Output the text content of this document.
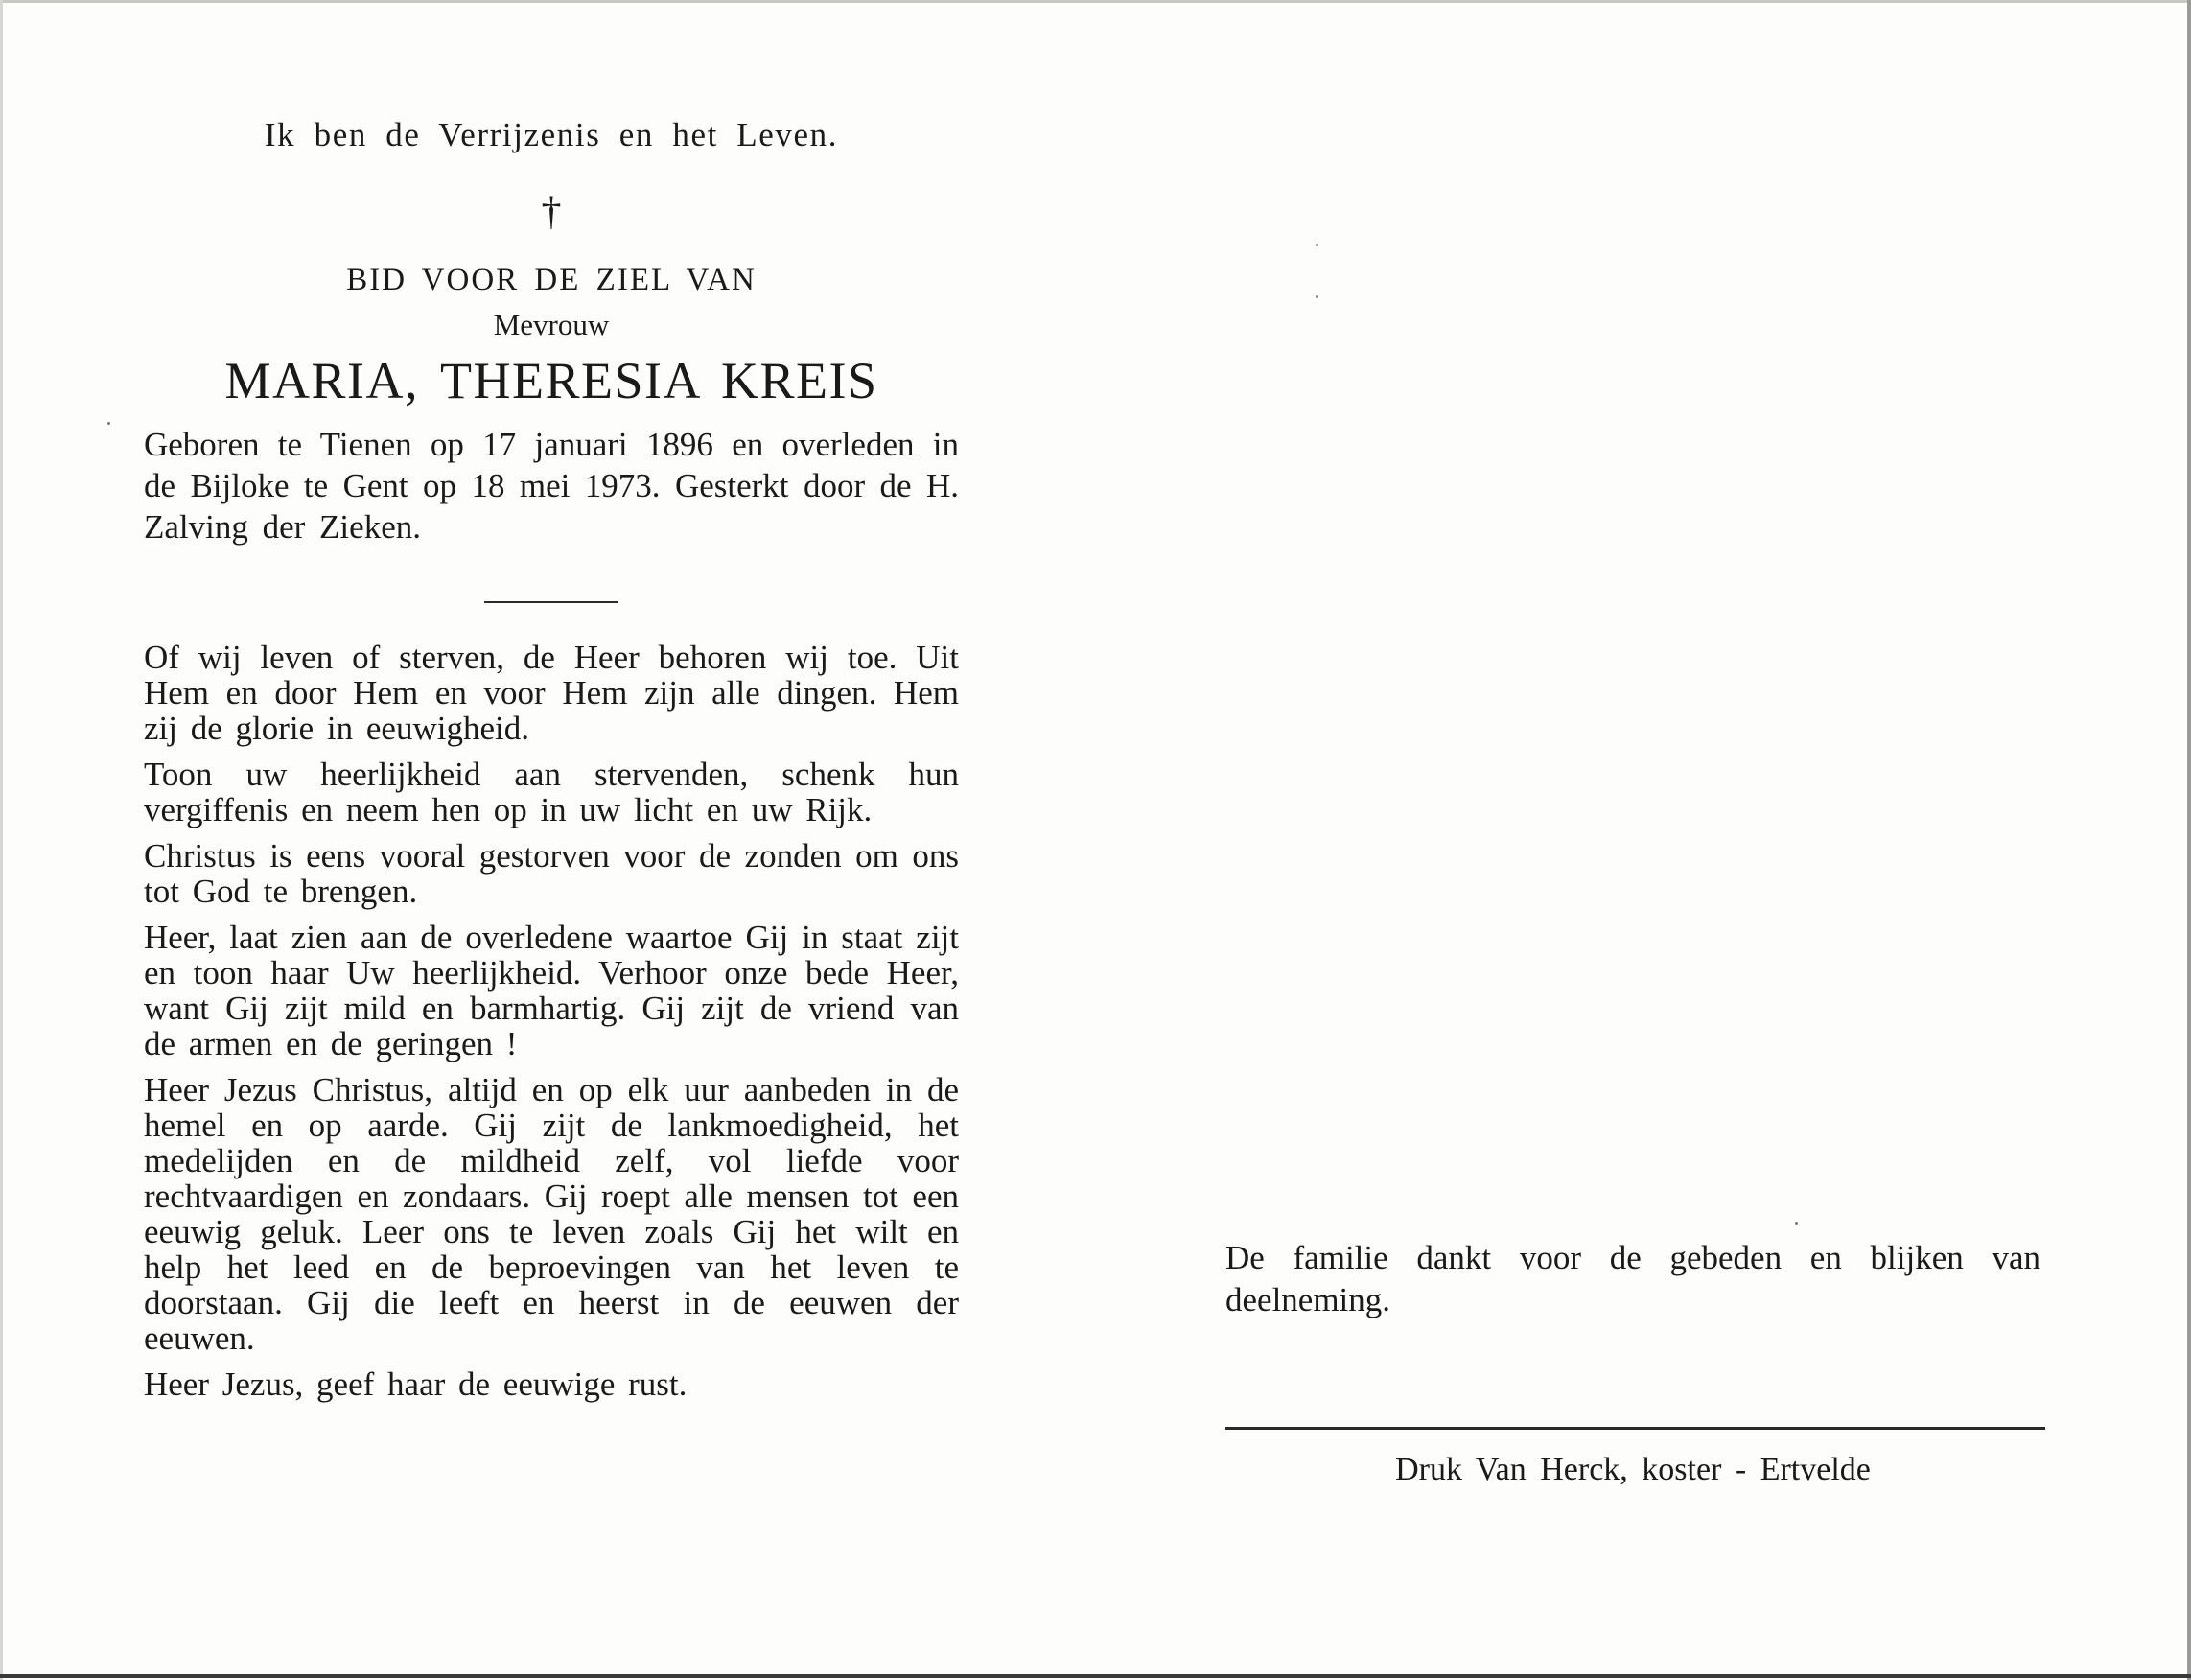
Ik ben de Verrijzenis en het Leven.

†

BID VOOR DE ZIEL VAN

Mevrouw

MARIA, THERESIA KREIS

Geboren te Tienen op 17 januari 1896 en overleden in de Bijloke te Gent op 18 mei 1973. Gesterkt door de H. Zalving der Zieken.

Of wij leven of sterven, de Heer behoren wij toe. Uit Hem en door Hem en voor Hem zijn alle dingen. Hem zij de glorie in eeuwigheid.

Toon uw heerlijkheid aan stervenden, schenk hun vergiffenis en neem hen op in uw licht en uw Rijk.

Christus is eens vooral gestorven voor de zonden om ons tot God te brengen.

Heer, laat zien aan de overledene waartoe Gij in staat zijt en toon haar Uw heerlijkheid. Verhoor onze bede Heer, want Gij zijt mild en barmhartig. Gij zijt de vriend van de armen en de geringen !

Heer Jezus Christus, altijd en op elk uur aanbeden in de hemel en op aarde. Gij zijt de lankmoedigheid, het medelijden en de mildheid zelf, vol liefde voor rechtvaardigen en zondaars. Gij roept alle mensen tot een eeuwig geluk. Leer ons te leven zoals Gij het wilt en help het leed en de beproevingen van het leven te doorstaan. Gij die leeft en heerst in de eeuwen der eeuwen.

Heer Jezus, geef haar de eeuwige rust.

De familie dankt voor de gebeden en blijken van deelneming.

Druk Van Herck, koster - Ertvelde
